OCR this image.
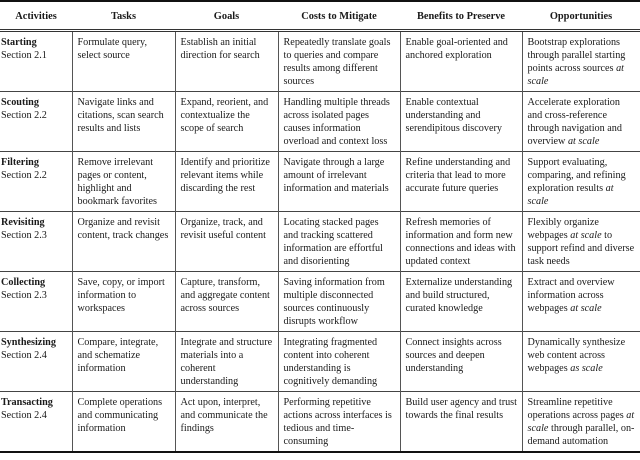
Activities	Tasks	Goals	Costs to Mitigate	Benefits to Preserve	Opportunities

Starting
Section 2.1	Formulate query, select source	Establish an initial direction for search	Repeatedly translate goals to queries and compare results among different sources	Enable goal-oriented and anchored exploration	Bootstrap explorations through parallel starting points across sources at scale

Scouting
Section 2.2	Navigate links and citations, scan search results and lists	Expand, reorient, and contextualize the scope of search	Handling multiple threads across isolated pages causes information overload and context loss	Enable contextual understanding and serendipitous discovery	Accelerate exploration and cross-reference through navigation and overview at scale

Filtering
Section 2.2	Remove irrelevant pages or content, highlight and bookmark favorites	Identify and prioritize relevant items while discarding the rest	Navigate through a large amount of irrelevant information and materials	Refine understanding and criteria that lead to more accurate future queries	Support evaluating, comparing, and refining exploration results at scale

Revisiting
Section 2.3	Organize and revisit content, track changes	Organize, track, and revisit useful content	Locating stacked pages and tracking scattered information are effortful and disorienting	Refresh memories of information and form new connections and ideas with updated context	Flexibly organize webpages at scale to support refind and diverse task needs

Collecting
Section 2.3	Save, copy, or import information to workspaces	Capture, transform, and aggregate content across sources	Saving information from multiple disconnected sources continuously disrupts workflow	Externalize understanding and build structured, curated knowledge	Extract and overview information across webpages at scale

Synthesizing
Section 2.4	Compare, integrate, and schematize information	Integrate and structure materials into a coherent understanding	Integrating fragmented content into coherent understanding is cognitively demanding	Connect insights across sources and deepen understanding	Dynamically synthesize web content across webpages as scale

Transacting
Section 2.4	Complete operations and communicating information	Act upon, interpret, and communicate the findings	Performing repetitive actions across interfaces is tedious and time-consuming	Build user agency and trust towards the final results	Streamline repetitive operations across pages at scale through parallel, on-demand automation
